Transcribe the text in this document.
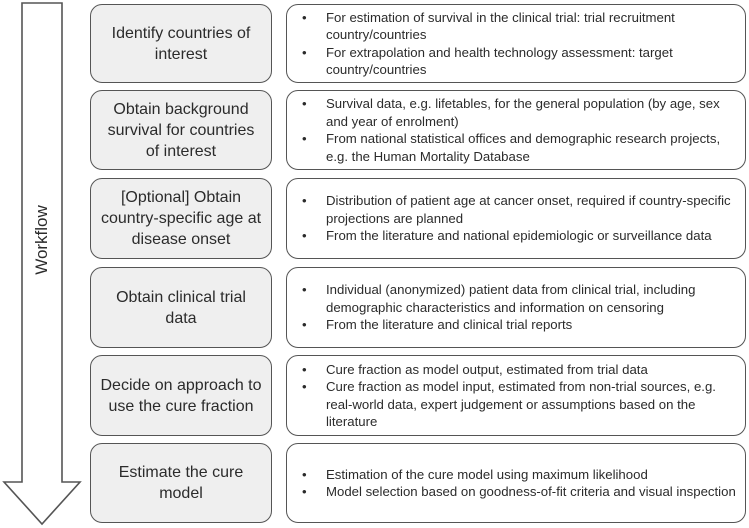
Workflow
Identify countries of interest
• For estimation of survival in the clinical trial: trial recruitment country/countries
• For extrapolation and health technology assessment: target country/countries
Obtain background survival for countries of interest
• Survival data, e.g. lifetables, for the general population (by age, sex and year of enrolment)
• From national statistical offices and demographic research projects, e.g. the Human Mortality Database
[Optional] Obtain country-specific age at disease onset
• Distribution of patient age at cancer onset, required if country-specific projections are planned
• From the literature and national epidemiologic or surveillance data
Obtain clinical trial data
• Individual (anonymized) patient data from clinical trial, including demographic characteristics and information on censoring
• From the literature and clinical trial reports
Decide on approach to use the cure fraction
• Cure fraction as model output, estimated from trial data
• Cure fraction as model input, estimated from non-trial sources, e.g. real-world data, expert judgement or assumptions based on the literature
Estimate the cure model
• Estimation of the cure model using maximum likelihood
• Model selection based on goodness-of-fit criteria and visual inspection
